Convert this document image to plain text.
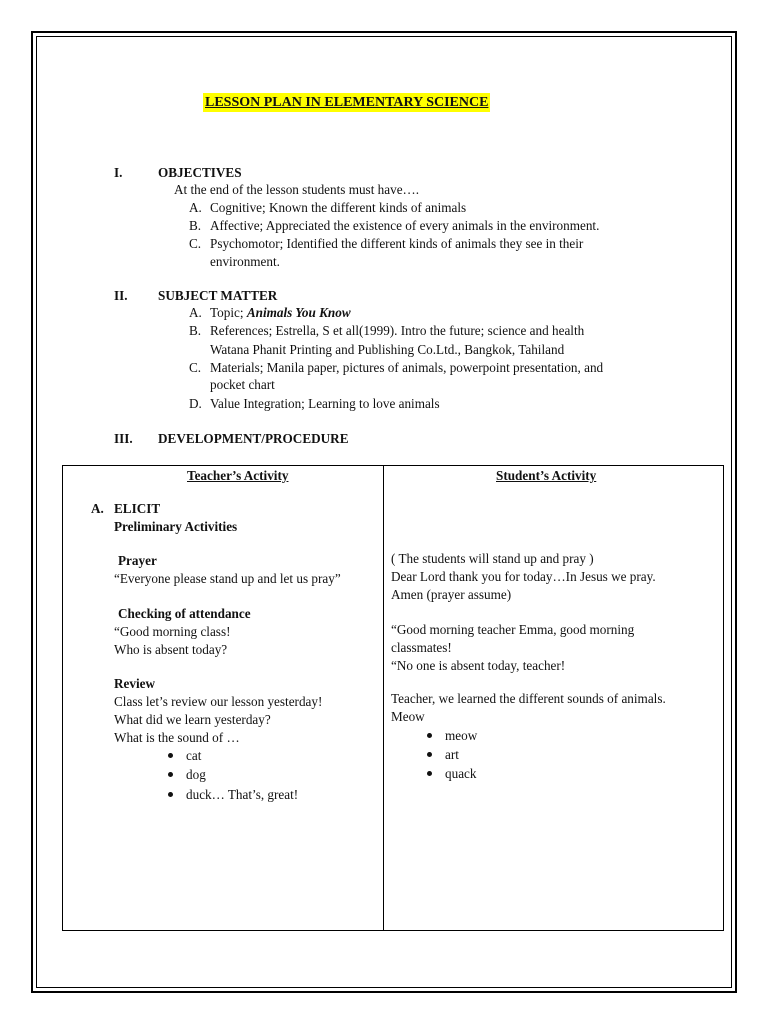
LESSON PLAN IN ELEMENTARY SCIENCE
I.	OBJECTIVES
At the end of the lesson students must have….
A. Cognitive; Known the different kinds of animals
B. Affective; Appreciated the existence of every animals in the environment.
C. Psychomotor; Identified the different kinds of animals they see in their
environment.
II. SUBJECT MATTER
A. Topic; Animals You Know
B. References; Estrella, S et all(1999). Intro the future; science and health
Watana Phanit Printing and Publishing Co.Ltd., Bangkok, Tahiland
C. Materials; Manila paper, pictures of animals, powerpoint presentation, and
pocket chart
D. Value Integration; Learning to love animals
III. DEVELOPMENT/PROCEDURE
Teacher’s Activity	Student’s Activity
A. ELICIT
Preliminary Activities
Prayer
“Everyone please stand up and let us pray”
( The students will stand up and pray )
Dear Lord thank you for today…In Jesus we pray.
Amen (prayer assume)
Checking of attendance
“Good morning class!
Who is absent today?
“Good morning teacher Emma, good morning
classmates!
“No one is absent today, teacher!
Review
Class let’s review our lesson yesterday!
What did we learn yesterday?
What is the sound of …
Teacher, we learned the different sounds of animals.
Meow
cat
dog
duck… That’s, great!
meow
art
quack
